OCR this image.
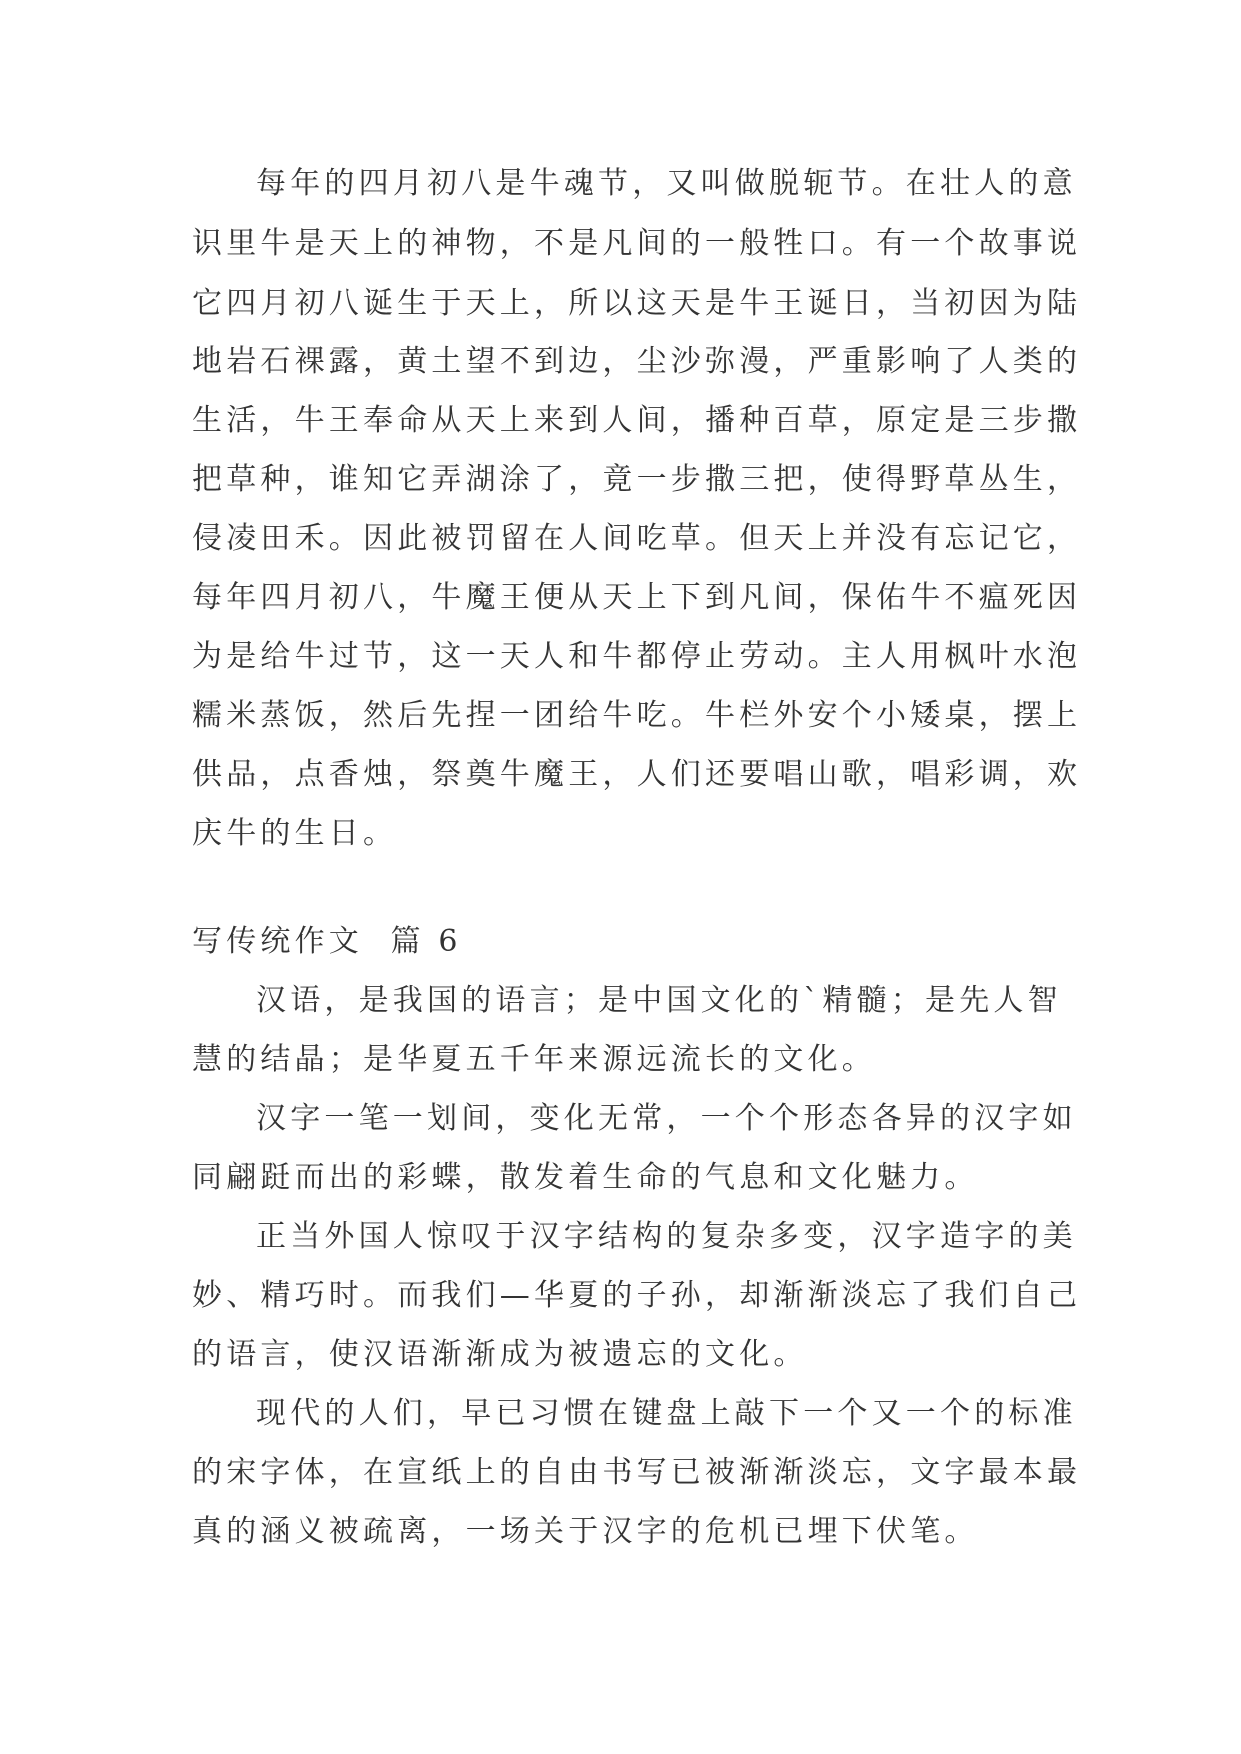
每年的四月初八是牛魂节，又叫做脱轭节。在壮人的意
识里牛是天上的神物，不是凡间的一般牲口。有一个故事说
它四月初八诞生于天上，所以这天是牛王诞日，当初因为陆
地岩石裸露，黄土望不到边，尘沙弥漫，严重影响了人类的
生活，牛王奉命从天上来到人间，播种百草，原定是三步撒
把草种，谁知它弄湖涂了，竟一步撒三把，使得野草丛生，
侵凌田禾。因此被罚留在人间吃草。但天上并没有忘记它，
每年四月初八，牛魔王便从天上下到凡间，保佑牛不瘟死因
为是给牛过节，这一天人和牛都停止劳动。主人用枫叶水泡
糯米蒸饭，然后先捏一团给牛吃。牛栏外安个小矮桌，摆上
供品，点香烛，祭奠牛魔王，人们还要唱山歌，唱彩调，欢
庆牛的生日。
写传统作文  篇 6
汉语，是我国的语言；是中国文化的`精髓；是先人智
慧的结晶；是华夏五千年来源远流长的文化。
汉字一笔一划间，变化无常，一个个形态各异的汉字如
同翩跹而出的彩蝶，散发着生命的气息和文化魅力。
正当外国人惊叹于汉字结构的复杂多变，汉字造字的美
妙、精巧时。而我们—华夏的子孙，却渐渐淡忘了我们自己
的语言，使汉语渐渐成为被遗忘的文化。
现代的人们，早已习惯在键盘上敲下一个又一个的标准
的宋字体，在宣纸上的自由书写已被渐渐淡忘，文字最本最
真的涵义被疏离，一场关于汉字的危机已埋下伏笔。
